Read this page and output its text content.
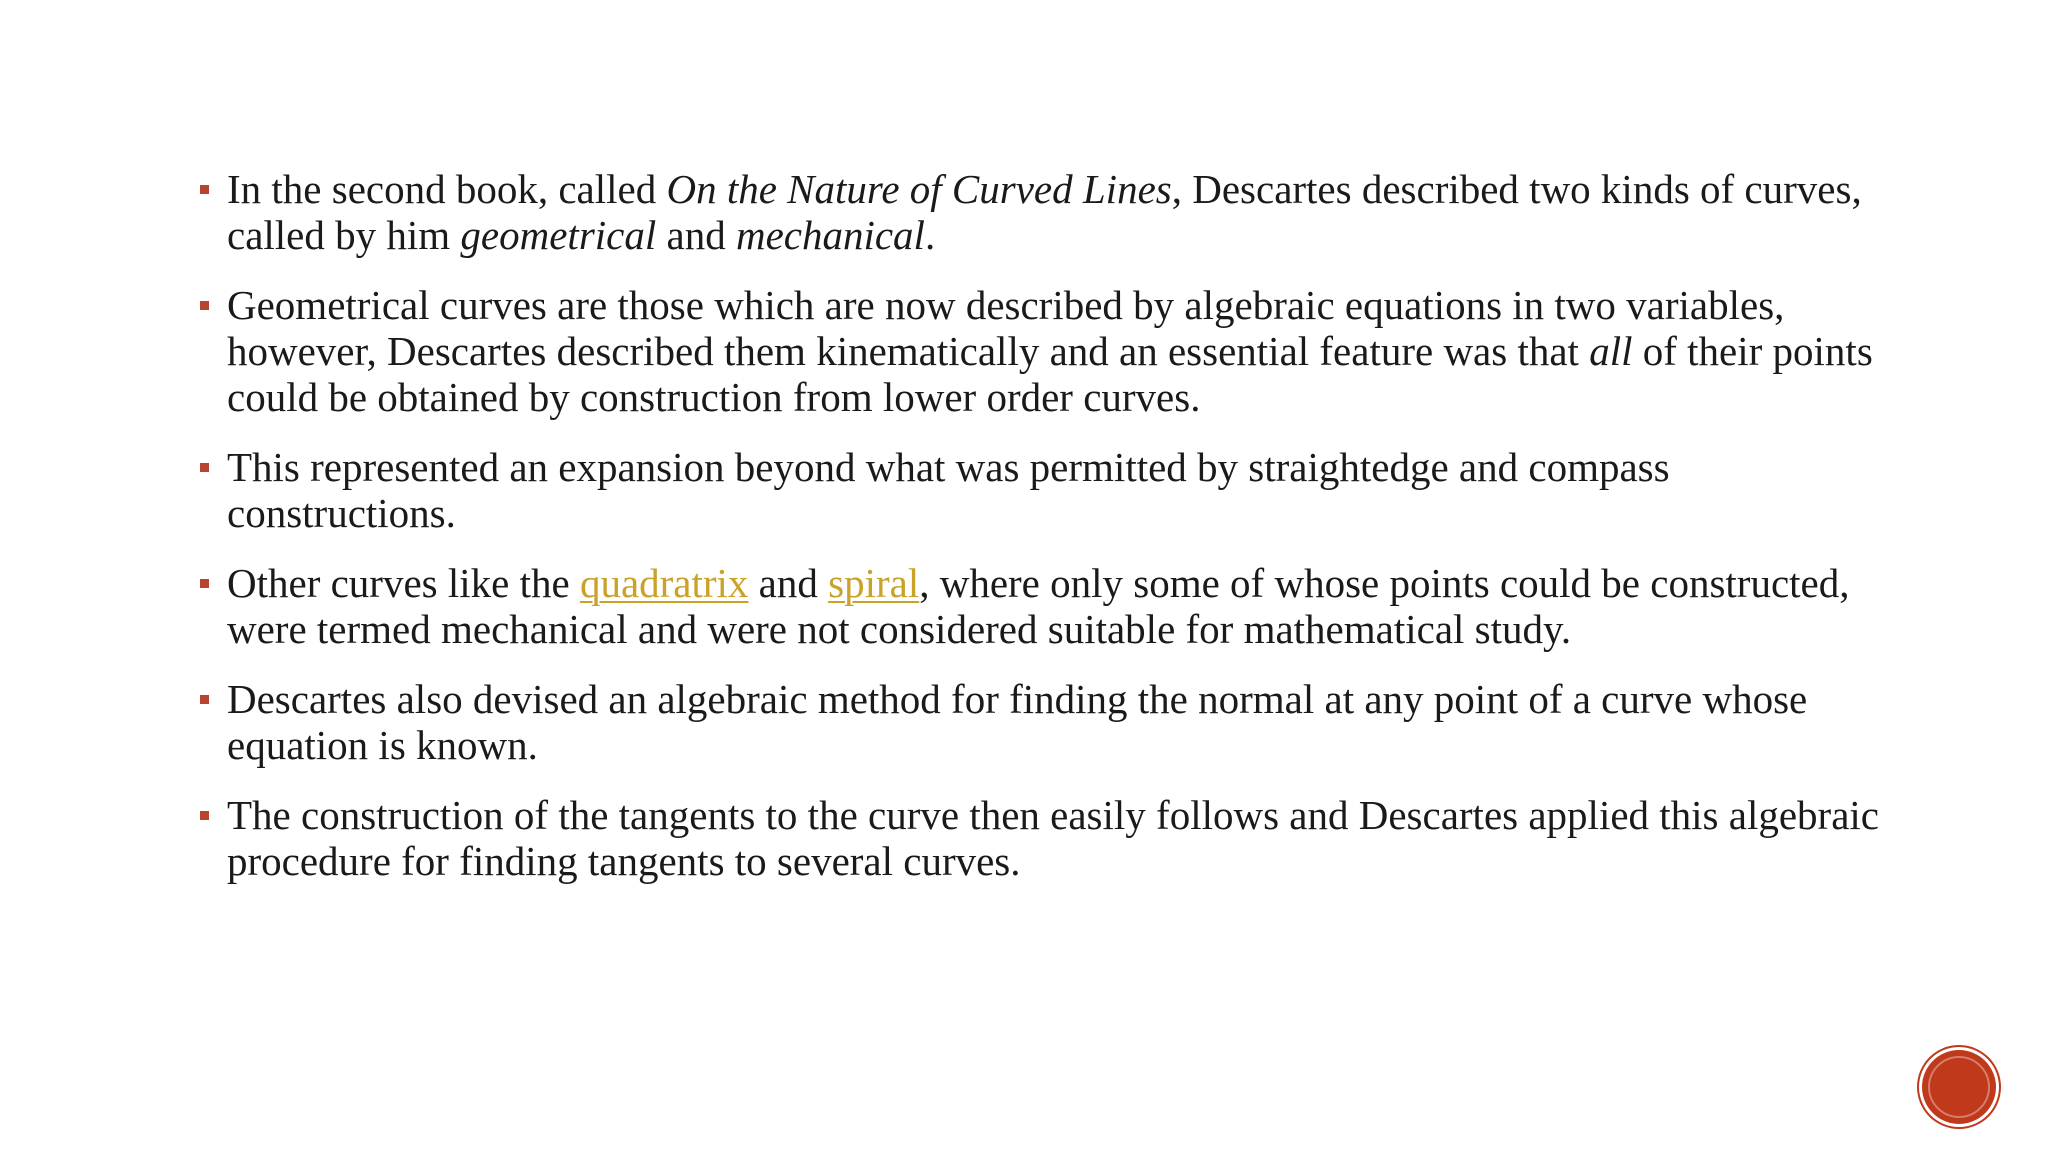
In the second book, called On the Nature of Curved Lines, Descartes described two kinds of curves, called by him geometrical and mechanical.
Geometrical curves are those which are now described by algebraic equations in two variables, however, Descartes described them kinematically and an essential feature was that all of their points could be obtained by construction from lower order curves.
This represented an expansion beyond what was permitted by straightedge and compass constructions.
Other curves like the quadratrix and spiral, where only some of whose points could be constructed, were termed mechanical and were not considered suitable for mathematical study.
Descartes also devised an algebraic method for finding the normal at any point of a curve whose equation is known.
The construction of the tangents to the curve then easily follows and Descartes applied this algebraic procedure for finding tangents to several curves.
